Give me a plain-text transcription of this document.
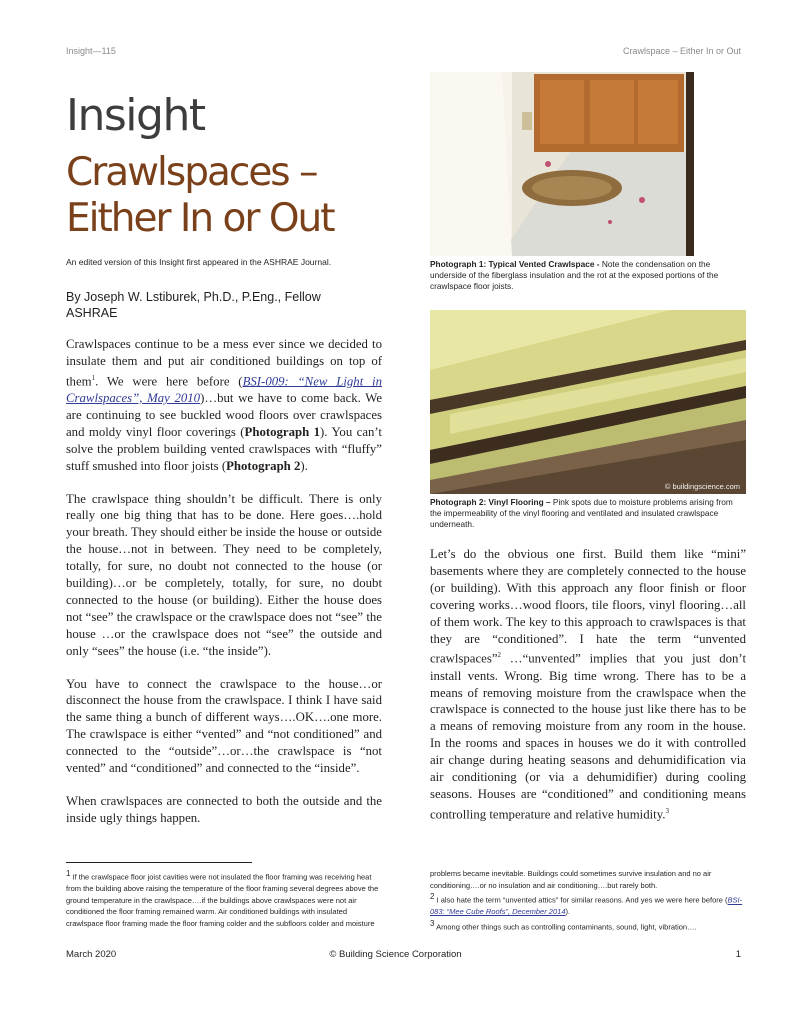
Insight—115	Crawlspace – Either In or Out
Insight
Crawlspaces – Either In or Out
An edited version of this Insight first appeared in the ASHRAE Journal.
By Joseph W. Lstiburek, Ph.D., P.Eng., Fellow ASHRAE

Crawlspaces continue to be a mess ever since we decided to insulate them and put air conditioned buildings on top of them$^1$. We were here before (BSI-009: “New Light in Crawlspaces”, May 2010)…but we have to come back. We are continuing to see buckled wood floors over crawlspaces and moldy vinyl floor coverings (Photograph 1). You can’t solve the problem building vented crawlspaces with “fluffy” stuff smushed into floor joists (Photograph 2).

The crawlspace thing shouldn’t be difficult. There is only really one big thing that has to be done. Here goes….hold your breath. They should either be inside the house or outside the house…not in between. They need to be completely, totally, for sure, no doubt not connected to the house (or building)…or be completely, totally, for sure, no doubt connected to the house (or building). Either the house does not “see” the crawlspace or the crawlspace does not “see” the house …or the crawlspace does not “see” the outside and only “sees” the house (i.e. “the inside”).

You have to connect the crawlspace to the house…or disconnect the house from the crawlspace. I think I have said the same thing a bunch of different ways….OK….one more. The crawlspace is either “vented” and “not conditioned” and connected to the “outside”…or…the crawlspace is “not vented” and “conditioned” and connected to the “inside”.

When crawlspaces are connected to both the outside and the inside ugly things happen.

Photograph 1: Typical Vented Crawlspace - Note the condensation on the underside of the fiberglass insulation and the rot at the exposed portions of the crawlspace floor joists.
© buildingscience.com
Photograph 2: Vinyl Flooring – Pink spots due to moisture problems arising from the impermeability of the vinyl flooring and ventilated and insulated crawlspace underneath.

Let’s do the obvious one first. Build them like “mini” basements where they are completely connected to the house (or building). With this approach any floor finish or floor covering works…wood floors, tile floors, vinyl flooring…all of them work. The key to this approach to crawlspaces is that they are “conditioned”. I hate the term “unvented crawlspaces”$^2$ …“unvented” implies that you just don’t install vents. Wrong. Big time wrong. There has to be a means of removing moisture from the crawlspace when the crawlspace is connected to the house just like there has to be a means of removing moisture from any room in the house. In the rooms and spaces in houses we do it with controlled air change during heating seasons and dehumidification via air conditioning (or via a dehumidifier) during cooling seasons. Houses are “conditioned” and conditioning means controlling temperature and relative humidity.$^3$

$^1$ If the crawlspace floor joist cavities were not insulated the floor framing was receiving heat from the building above raising the temperature of the floor framing several degrees above the ground temperature in the crawlspace….if the buildings above crawlspaces were not air conditioned the floor framing remained warm. Air conditioned buildings with insulated crawlspace floor framing made the floor framing colder and the subfloors colder and moisture
problems became inevitable. Buildings could sometimes survive insulation and no air conditioning….or no insulation and air conditioning….but rarely both.
$^2$ I also hate the term “unvented attics” for similar reasons. And yes we were here before (BSI-083: “Mee Cube Roofs”, December 2014).
$^3$ Among other things such as controlling contaminants, sound, light, vibration….
March 2020	© Building Science Corporation	1
